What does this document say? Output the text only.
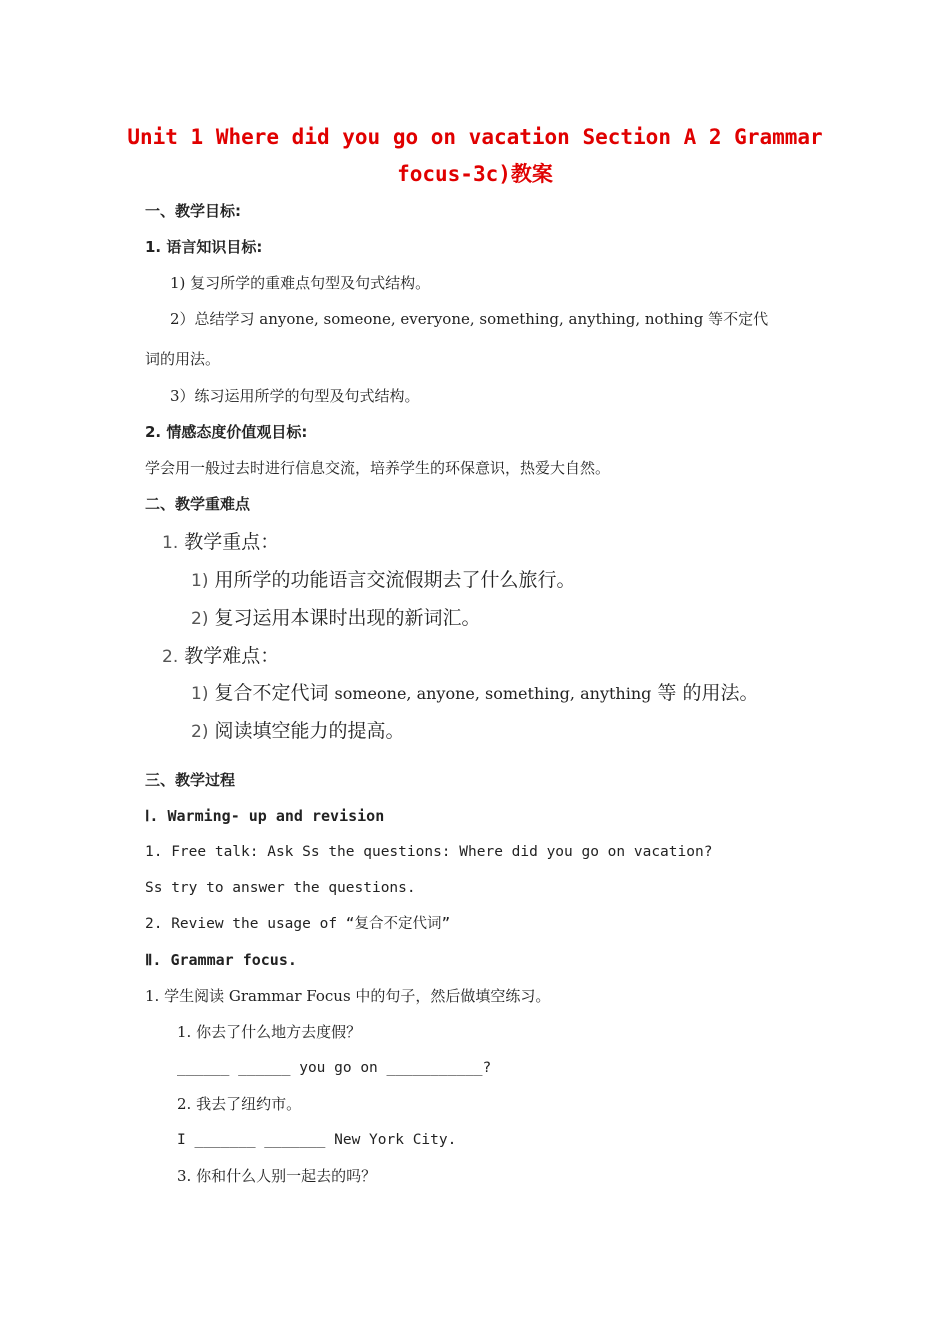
Unit 1 Where did you go on vacation Section A 2 Grammar
focus-3c)教案
一、教学目标:
1. 语言知识目标:
1) 复习所学的重难点句型及句式结构。
2）总结学习 anyone, someone, everyone, something, anything, nothing 等不定代
词的用法。
3）练习运用所学的句型及句式结构。
2. 情感态度价值观目标:
学会用一般过去时进行信息交流，培养学生的环保意识，热爱大自然。
二、教学重难点
1. 教学重点：
1) 用所学的功能语言交流假期去了什么旅行。
2) 复习运用本课时出现的新词汇。
2. 教学难点：
1) 复合不定代词 someone, anyone, something, anything 等 的用法。
2) 阅读填空能力的提高。
三、教学过程
Ⅰ. Warming- up and revision
1. Free talk: Ask Ss the questions: Where did you go on vacation?
Ss try to answer the questions.
2. Review the usage of “复合不定代词”
Ⅱ. Grammar focus.
1. 学生阅读 Grammar Focus 中的句子，然后做填空练习。
1. 你去了什么地方去度假？
______ ______ you go on ___________?
2. 我去了纽约市。
I _______ _______ New York City.
3. 你和什么人别一起去的吗？
